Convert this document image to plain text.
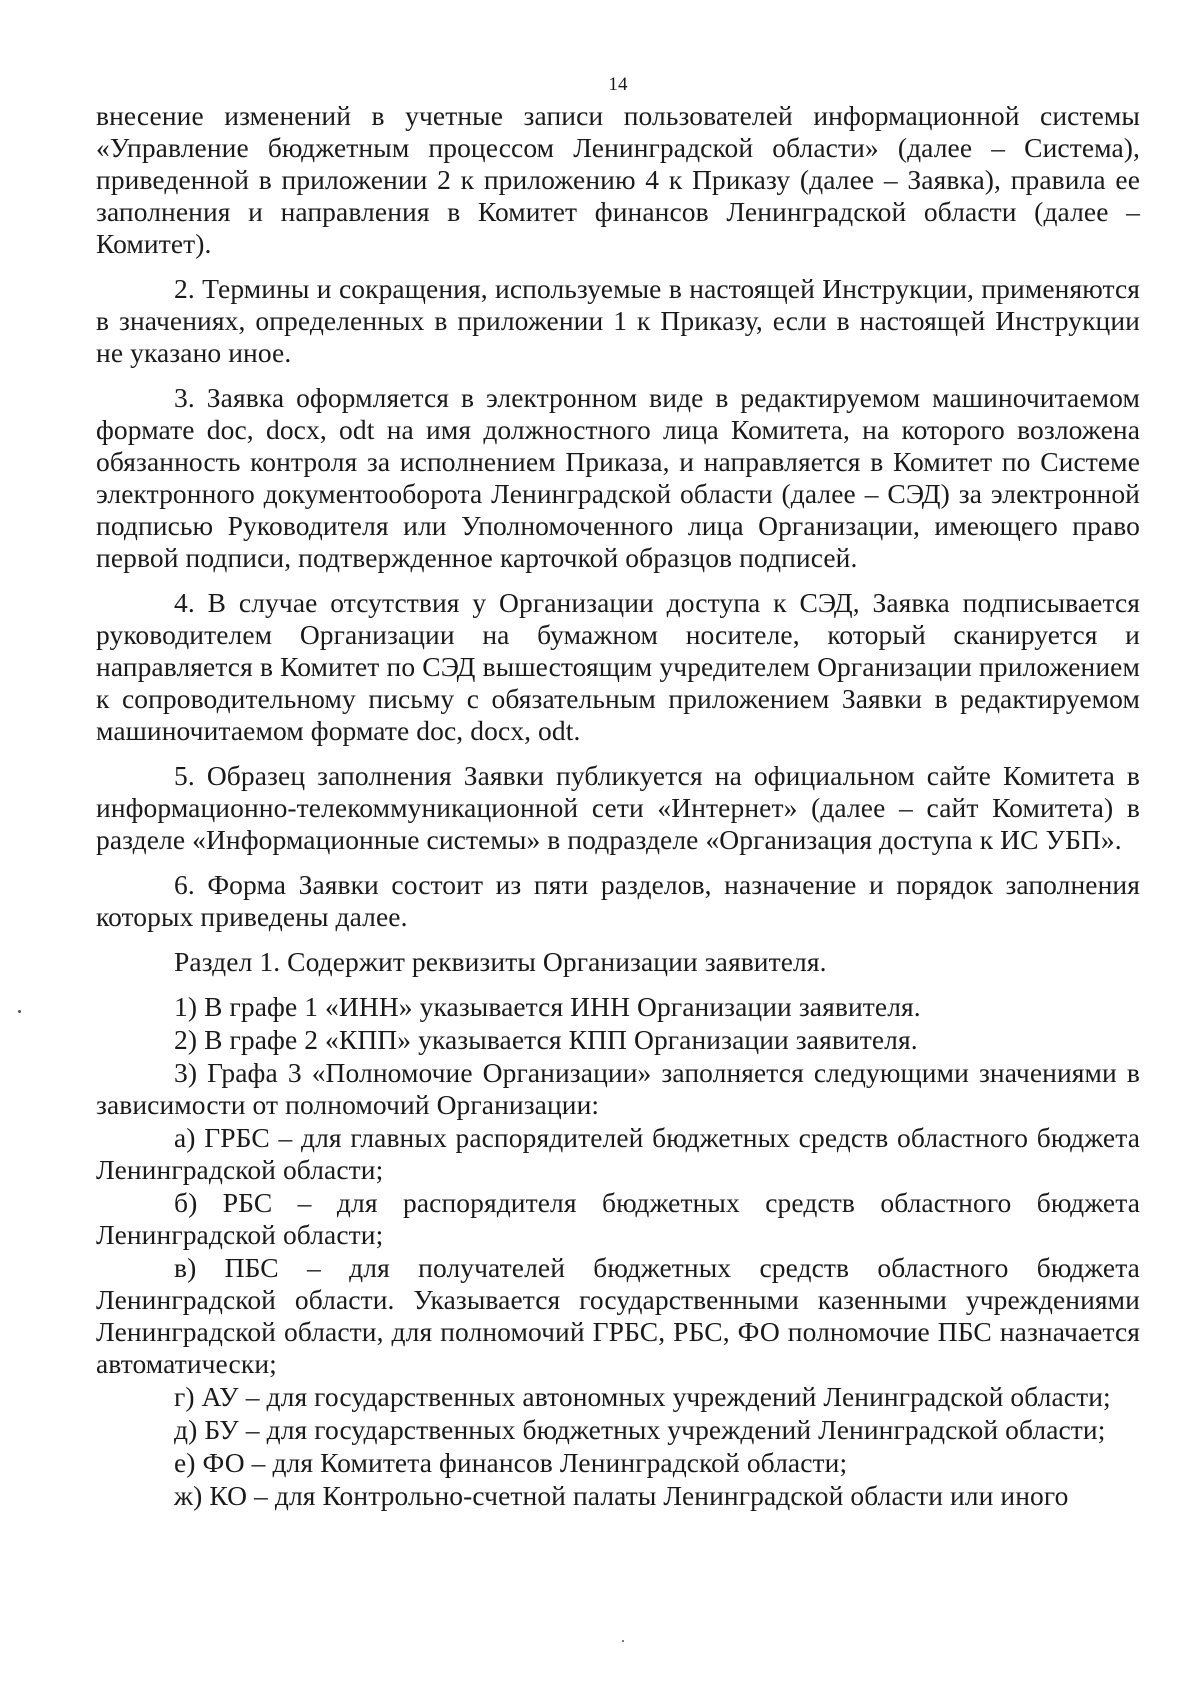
14

внесение изменений в учетные записи пользователей информационной системы «Управление бюджетным процессом Ленинградской области» (далее – Система), приведенной в приложении 2 к приложению 4 к Приказу (далее – Заявка), правила ее заполнения и направления в Комитет финансов Ленинградской области (далее – Комитет).

2. Термины и сокращения, используемые в настоящей Инструкции, применяются в значениях, определенных в приложении 1 к Приказу, если в настоящей Инструкции не указано иное.

3. Заявка оформляется в электронном виде в редактируемом машиночитаемом формате doc, docx, odt на имя должностного лица Комитета, на которого возложена обязанность контроля за исполнением Приказа, и направляется в Комитет по Системе электронного документооборота Ленинградской области (далее – СЭД) за электронной подписью Руководителя или Уполномоченного лица Организации, имеющего право первой подписи, подтвержденное карточкой образцов подписей.

4. В случае отсутствия у Организации доступа к СЭД, Заявка подписывается руководителем Организации на бумажном носителе, который сканируется и направляется в Комитет по СЭД вышестоящим учредителем Организации приложением к сопроводительному письму с обязательным приложением Заявки в редактируемом машиночитаемом формате doc, docx, odt.

5. Образец заполнения Заявки публикуется на официальном сайте Комитета в информационно-телекоммуникационной сети «Интернет» (далее – сайт Комитета) в разделе «Информационные системы» в подразделе «Организация доступа к ИС УБП».

6. Форма Заявки состоит из пяти разделов, назначение и порядок заполнения которых приведены далее.

Раздел 1. Содержит реквизиты Организации заявителя.

1) В графе 1 «ИНН» указывается ИНН Организации заявителя.

2) В графе 2 «КПП» указывается КПП Организации заявителя.

3) Графа 3 «Полномочие Организации» заполняется следующими значениями в зависимости от полномочий Организации:

а) ГРБС – для главных распорядителей бюджетных средств областного бюджета Ленинградской области;

б) РБС – для распорядителя бюджетных средств областного бюджета Ленинградской области;

в) ПБС – для получателей бюджетных средств областного бюджета Ленинградской области. Указывается государственными казенными учреждениями Ленинградской области, для полномочий ГРБС, РБС, ФО полномочие ПБС назначается автоматически;

г) АУ – для государственных автономных учреждений Ленинградской области;

д) БУ – для государственных бюджетных учреждений Ленинградской области;

е) ФО – для Комитета финансов Ленинградской области;

ж) КО – для Контрольно-счетной палаты Ленинградской области или иного
